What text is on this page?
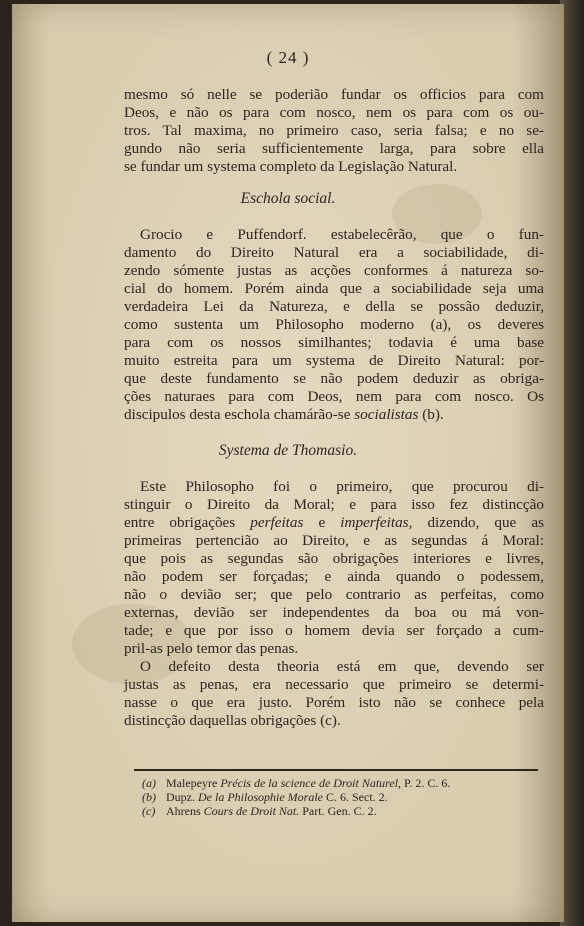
( 24 )
mesmo só nelle se poderião fundar os officios para com
Deos, e não os para com nosco, nem os para com os ou-
tros. Tal maxima, no primeiro caso, seria falsa; e no se-
gundo não seria sufficientemente larga, para sobre ella
se fundar um systema completo da Legislação Natural.
Eschola social.
Grocio e Puffendorf. estabelecêrão, que o fun-
damento do Direito Natural era a sociabilidade, di-
zendo sómente justas as acções conformes á natureza so-
cial do homem. Porém ainda que a sociabilidade seja uma
verdadeira Lei da Natureza, e della se possão deduzir,
como sustenta um Philosopho moderno (a), os deveres
para com os nossos similhantes; todavia é uma base
muito estreita para um systema de Direito Natural: por-
que deste fundamento se não podem deduzir as obriga-
ções naturaes para com Deos, nem para com nosco. Os
discipulos desta eschola chamárão-se socialistas (b).
Systema de Thomasio.
Este Philosopho foi o primeiro, que procurou di-
stinguir o Direito da Moral; e para isso fez distincção
entre obrigações perfeitas e imperfeitas, dizendo, que as
primeiras pertencião ao Direito, e as segundas á Moral:
que pois as segundas são obrigações interiores e livres,
não podem ser forçadas; e ainda quando o podessem,
não o devião ser; que pelo contrario as perfeitas, como
externas, devião ser independentes da boa ou má von-
tade; e que por isso o homem devia ser forçado a cum-
pril-as pelo temor das penas.
O defeito desta theoria está em que, devendo ser
justas as penas, era necessario que primeiro se determi-
nasse o que era justo. Porém isto não se conhece pela
distincção daquellas obrigações (c).
(a) Malepeyre Précis de la science de Droit Naturel, P. 2. C. 6.
(b) Dupz. De la Philosophie Morale C. 6. Sect. 2.
(c) Ahrens Cours de Droit Nat. Part. Gen. C. 2.
